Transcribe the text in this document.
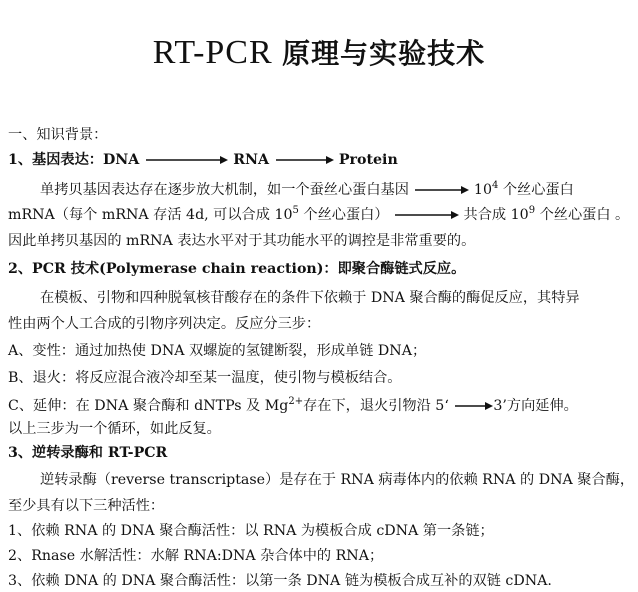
RT-PCR 原理与实验技术
一、知识背景：
1、基因表达：DNA	RNA	Protein
单拷贝基因表达存在逐步放大机制，如一个蚕丝心蛋白基因	$10^4$ 个丝心蛋白
mRNA（每个 mRNA 存活 4d, 可以合成 $10^5$ 个丝心蛋白）	共合成 $10^9$ 个丝心蛋白 。
因此单拷贝基因的 mRNA 表达水平对于其功能水平的调控是非常重要的。
2、PCR 技术(Polymerase chain reaction)：即聚合酶链式反应。
在模板、引物和四种脱氧核苷酸存在的条件下依赖于 DNA 聚合酶的酶促反应，其特异
性由两个人工合成的引物序列决定。反应分三步：
A、变性：通过加热使 DNA 双螺旋的氢键断裂，形成单链 DNA；
B、退火：将反应混合液冷却至某一温度，使引物与模板结合。
C、延伸：在 DNA 聚合酶和 dNTPs 及 $Mg^{2+}$存在下，退火引物沿 5‘	3’方向延伸。
以上三步为一个循环，如此反复。
3、逆转录酶和 RT-PCR
逆转录酶（reverse transcriptase）是存在于 RNA 病毒体内的依赖 RNA 的 DNA 聚合酶，
至少具有以下三种活性：
1、依赖 RNA 的 DNA 聚合酶活性：以 RNA 为模板合成 cDNA 第一条链；
2、Rnase 水解活性：水解 RNA:DNA 杂合体中的 RNA；
3、依赖 DNA 的 DNA 聚合酶活性：以第一条 DNA 链为模板合成互补的双链 cDNA.
